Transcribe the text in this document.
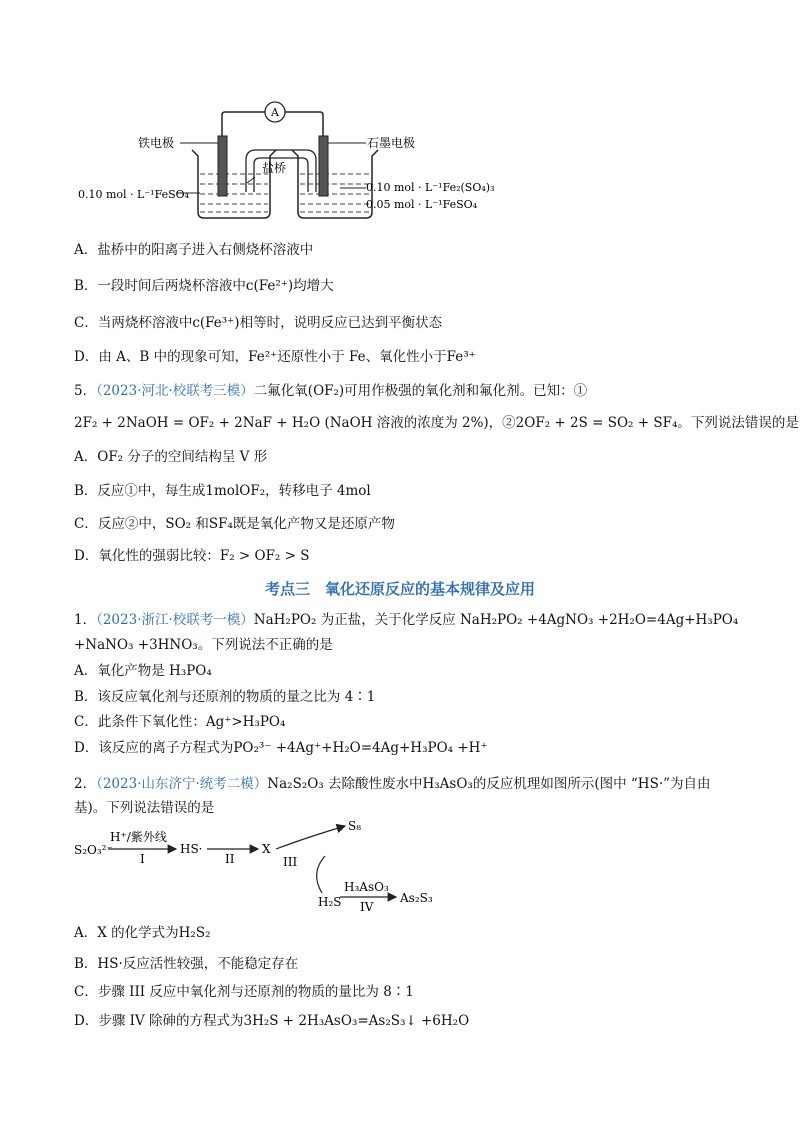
A
铁电极	石墨电极
盐桥
0.10 mol · L⁻¹FeSO₄
0.10 mol · L⁻¹Fe₂(SO₄)₃
0.05 mol · L⁻¹FeSO₄
A．盐桥中的阳离子进入右侧烧杯溶液中
B．一段时间后两烧杯溶液中c(Fe²⁺)均增大
C．当两烧杯溶液中c(Fe³⁺)相等时，说明反应已达到平衡状态
D．由 A、B 中的现象可知，Fe²⁺还原性小于 Fe、氧化性小于Fe³⁺
5．（2023·河北·校联考三模）二氟化氧(OF₂)可用作极强的氧化剂和氟化剂。已知：①
2F₂ + 2NaOH = OF₂ + 2NaF + H₂O (NaOH 溶液的浓度为 2%)，②2OF₂ + 2S = SO₂ + SF₄。下列说法错误的是
A．OF₂ 分子的空间结构呈 V 形
B．反应①中，每生成1molOF₂，转移电子 4mol
C．反应②中，SO₂ 和SF₄既是氧化产物又是还原产物
D．氧化性的强弱比较：F₂ > OF₂ > S
考点三　氧化还原反应的基本规律及应用
1．（2023·浙江·校联考一模）NaH₂PO₂ 为正盐，关于化学反应 NaH₂PO₂ +4AgNO₃ +2H₂O=4Ag+H₃PO₄
+NaNO₃ +3HNO₃。下列说法不正确的是
A．氧化产物是 H₃PO₄
B．该反应氧化剂与还原剂的物质的量之比为 4∶1
C．此条件下氧化性：Ag⁺>H₃PO₄
D．该反应的离子方程式为PO₂³⁻ +4Ag⁺+H₂O=4Ag+H₃PO₄ +H⁺
2．（2023·山东济宁·统考二模）Na₂S₂O₃ 去除酸性废水中H₃AsO₃的反应机理如图所示(图中 “HS·”为自由
基)。下列说法错误的是
S₂O₃²⁻
H⁺/紫外线
I
HS·
II
X
S₈
III
H₂S
H₃AsO₃
IV
As₂S₃
A．X 的化学式为H₂S₂
B．HS·反应活性较强，不能稳定存在
C．步骤 III 反应中氧化剂与还原剂的物质的量比为 8∶1
D．步骤 IV 除砷的方程式为3H₂S + 2H₃AsO₃=As₂S₃↓ +6H₂O
